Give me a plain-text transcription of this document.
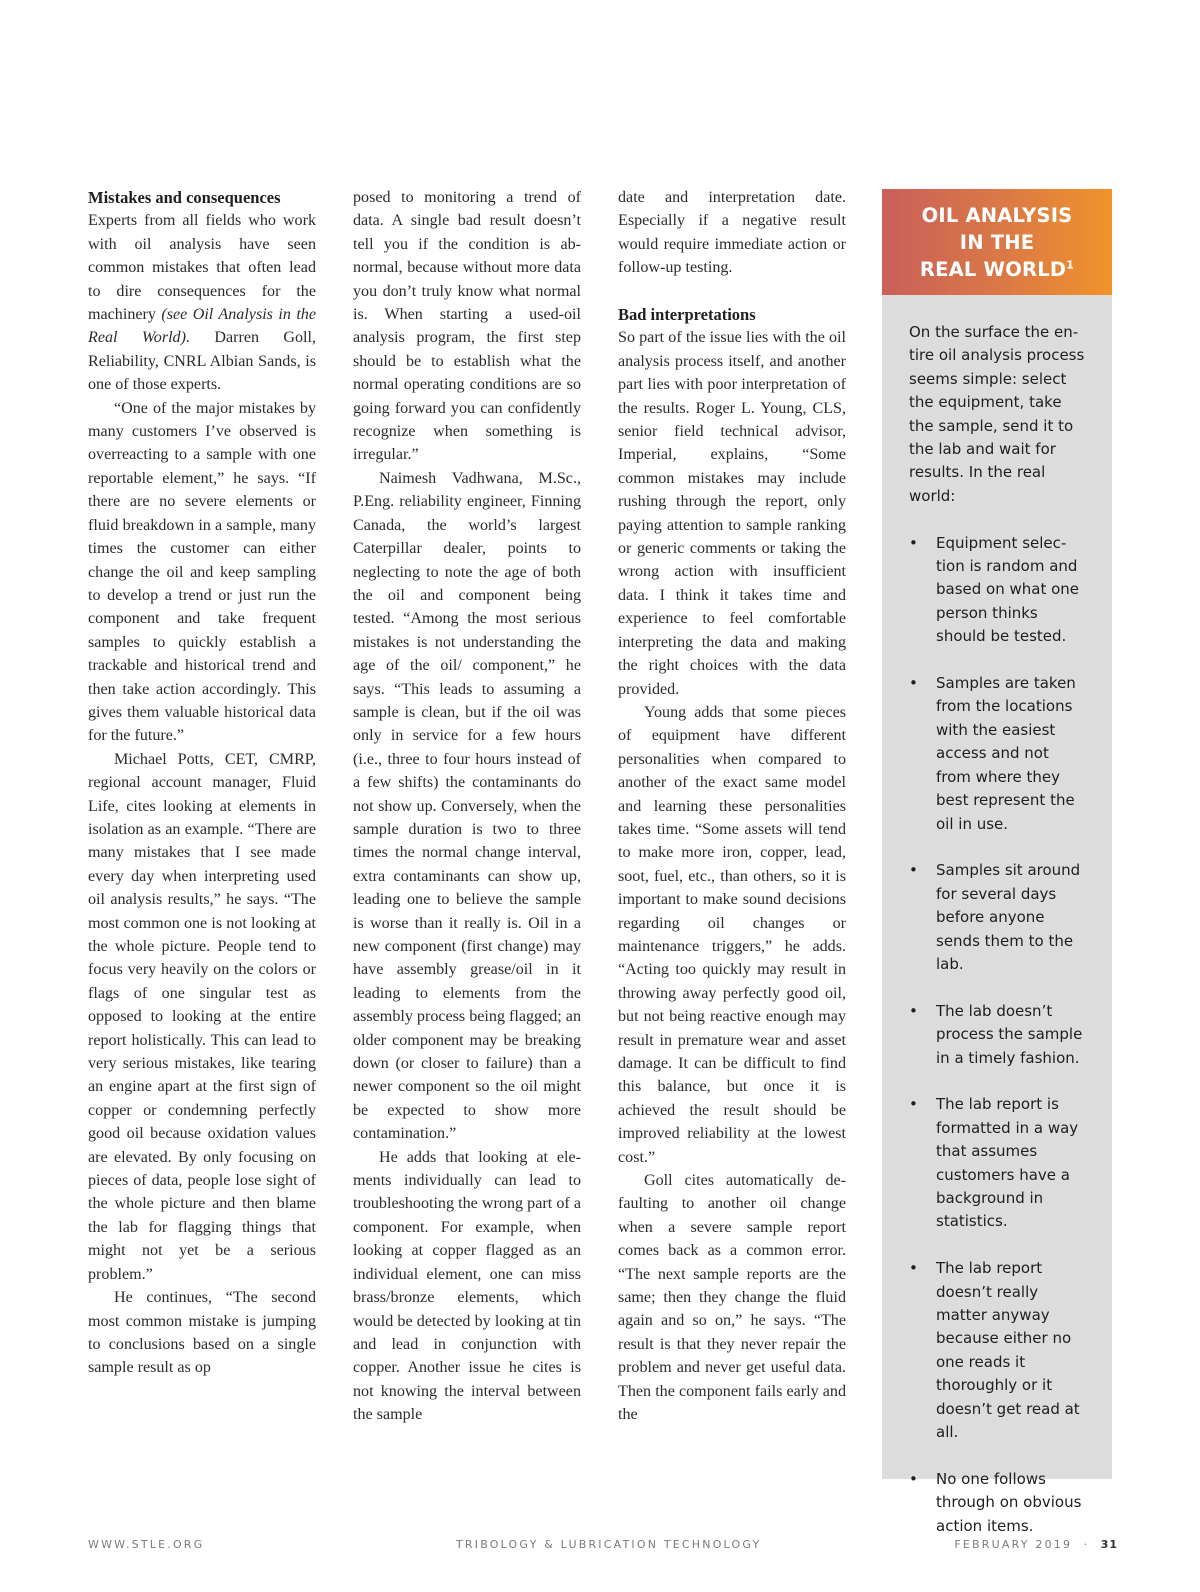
Mistakes and consequences

Experts from all fields who work with oil analysis have seen common mistakes that often lead to dire consequences for the machinery (see Oil Analysis in the Real World). Darren Goll, Reliability, CNRL Albian Sands, is one of those experts.

“One of the major mistakes by many customers I’ve observed is overreacting to a sample with one reportable element,” he says. “If there are no severe elements or fluid breakdown in a sample, many times the customer can either change the oil and keep sampling to develop a trend or just run the component and take frequent samples to quickly establish a trackable and historical trend and then take action accordingly. This gives them valuable historical data for the future.”

Michael Potts, CET, CMRP, regional account manager, Fluid Life, cites looking at elements in isolation as an example. “There are many mistakes that I see made every day when interpreting used oil analysis results,” he says. “The most common one is not looking at the whole picture. People tend to focus very heavily on the colors or flags of one singular test as opposed to looking at the entire report holistically. This can lead to very serious mistakes, like tearing an engine apart at the first sign of copper or condemning perfectly good oil because oxidation values are elevated. By only focusing on pieces of data, people lose sight of the whole picture and then blame the lab for flagging things that might not yet be a serious problem.”

He continues, “The second most common mistake is jumping to conclusions based on a single sample result as op

posed to monitoring a trend of data. A single bad result doesn’t tell you if the condition is abnormal, because without more data you don’t truly know what normal is. When starting a used-oil analysis program, the first step should be to establish what the normal operating conditions are so going forward you can confidently recognize when something is irregular.”

Naimesh Vadhwana, M.Sc., P.Eng. reliability engineer, Finning Canada, the world’s largest Caterpillar dealer, points to neglecting to note the age of both the oil and component being tested. “Among the most serious mistakes is not understanding the age of the oil/ component,” he says. “This leads to assuming a sample is clean, but if the oil was only in service for a few hours (i.e., three to four hours instead of a few shifts) the contaminants do not show up. Conversely, when the sample duration is two to three times the normal change interval, extra contaminants can show up, leading one to believe the sample is worse than it really is. Oil in a new component (first change) may have assembly grease/oil in it leading to elements from the assembly process being flagged; an older component may be breaking down (or closer to failure) than a newer component so the oil might be expected to show more contamination.”

He adds that looking at elements individually can lead to troubleshooting the wrong part of a component. For example, when looking at copper flagged as an individual element, one can miss brass/bronze elements, which would be detected by looking at tin and lead in conjunction with copper. Another issue he cites is not knowing the interval between the sample

date and interpretation date. Especially if a negative result would require immediate action or follow-up testing.

Bad interpretations

So part of the issue lies with the oil analysis process itself, and another part lies with poor interpretation of the results. Roger L. Young, CLS, senior field technical advisor, Imperial, explains, “Some common mistakes may include rushing through the report, only paying attention to sample ranking or generic comments or taking the wrong action with insufficient data. I think it takes time and experience to feel comfortable interpreting the data and making the right choices with the data provided.

Young adds that some pieces of equipment have different personalities when compared to another of the exact same model and learning these personalities takes time. “Some assets will tend to make more iron, copper, lead, soot, fuel, etc., than others, so it is important to make sound decisions regarding oil changes or maintenance triggers,” he adds. “Acting too quickly may result in throwing away perfectly good oil, but not being reactive enough may result in premature wear and asset damage. It can be difficult to find this balance, but once it is achieved the result should be improved reliability at the lowest cost.”

Goll cites automatically defaulting to another oil change when a severe sample report comes back as a common error. “The next sample reports are the same; then they change the fluid again and so on,” he says. “The result is that they never repair the problem and never get useful data. Then the component fails early and the

OIL ANALYSIS
IN THE
REAL WORLD$^1$

On the surface the entire oil analysis process seems simple: select the equipment, take the sample, send it to the lab and wait for results. In the real world:

• Equipment selection is random and based on what one person thinks should be tested.
• Samples are taken from the locations with the easiest access and not from where they best represent the oil in use.
• Samples sit around for several days before anyone sends them to the lab.
• The lab doesn’t process the sample in a timely fashion.
• The lab report is formatted in a way that assumes customers have a background in statistics.
• The lab report doesn’t really matter anyway because either no one reads it thoroughly or it doesn’t get read at all.
• No one follows through on obvious action items.
WWW.STLE.ORG	TRIBOLOGY & LUBRICATION TECHNOLOGY	FEBRUARY 2019 · 31
